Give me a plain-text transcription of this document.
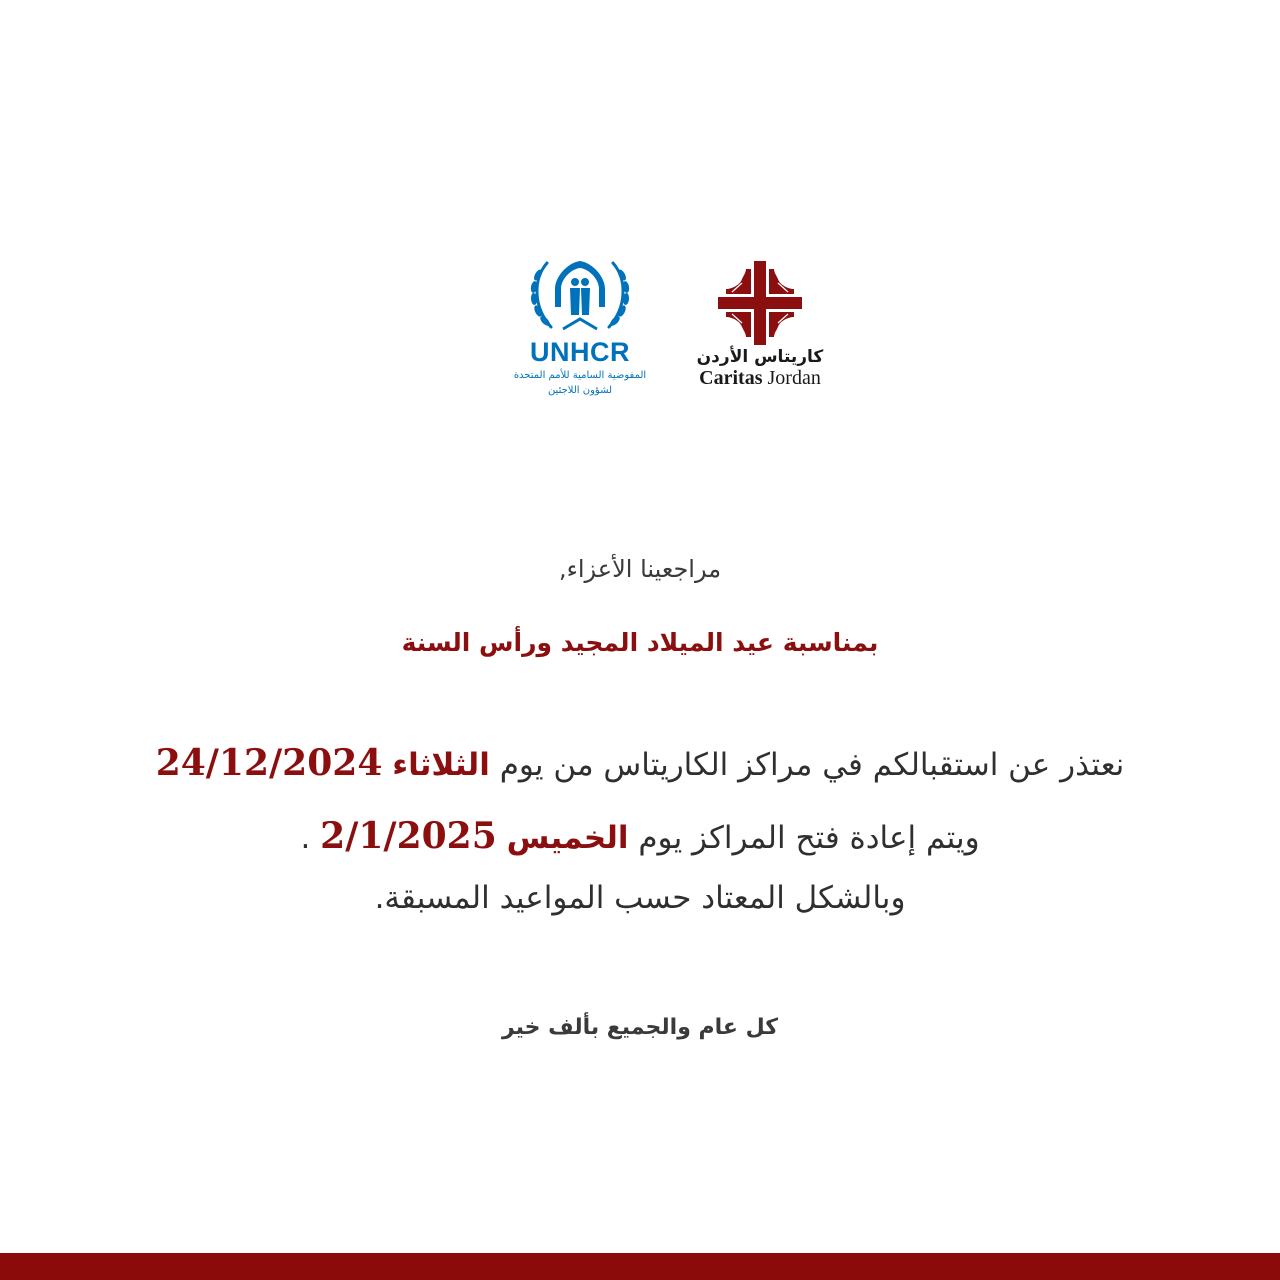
UNHCR
المفوضية السامية للأمم المتحدة
لشؤون اللاجئين
كاريتاس الأردن
Caritas Jordan
مراجعينا الأعزاء,
بمناسبة عيد الميلاد المجيد ورأس السنة
نعتذر عن استقبالكم في مراكز الكاريتاس من يوم الثلاثاء 24/12/2024
ويتم إعادة فتح المراكز يوم الخميس 2/1/2025 .
وبالشكل المعتاد حسب المواعيد المسبقة.
كل عام والجميع بألف خير
